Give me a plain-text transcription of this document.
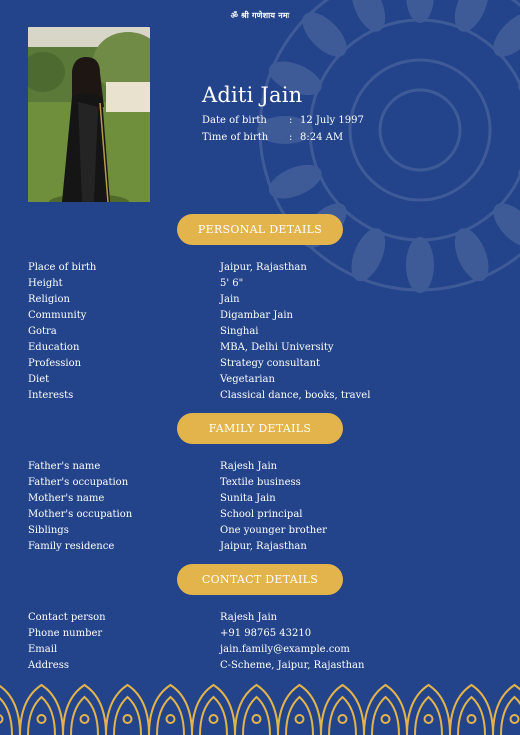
ॐ श्री गणेशाय नमः
Aditi Jain
Date of birth : 12 July 1997
Time of birth : 8:24 AM
PERSONAL DETAILS
Place of birth	Jaipur, Rajasthan
Height	5' 6"
Religion	Jain
Community	Digambar Jain
Gotra	Singhai
Education	MBA, Delhi University
Profession	Strategy consultant
Diet	Vegetarian
Interests	Classical dance, books, travel
FAMILY DETAILS
Father's name	Rajesh Jain
Father's occupation	Textile business
Mother's name	Sunita Jain
Mother's occupation	School principal
Siblings	One younger brother
Family residence	Jaipur, Rajasthan
CONTACT DETAILS
Contact person	Rajesh Jain
Phone number	+91 98765 43210
Email	jain.family@example.com
Address	C-Scheme, Jaipur, Rajasthan
